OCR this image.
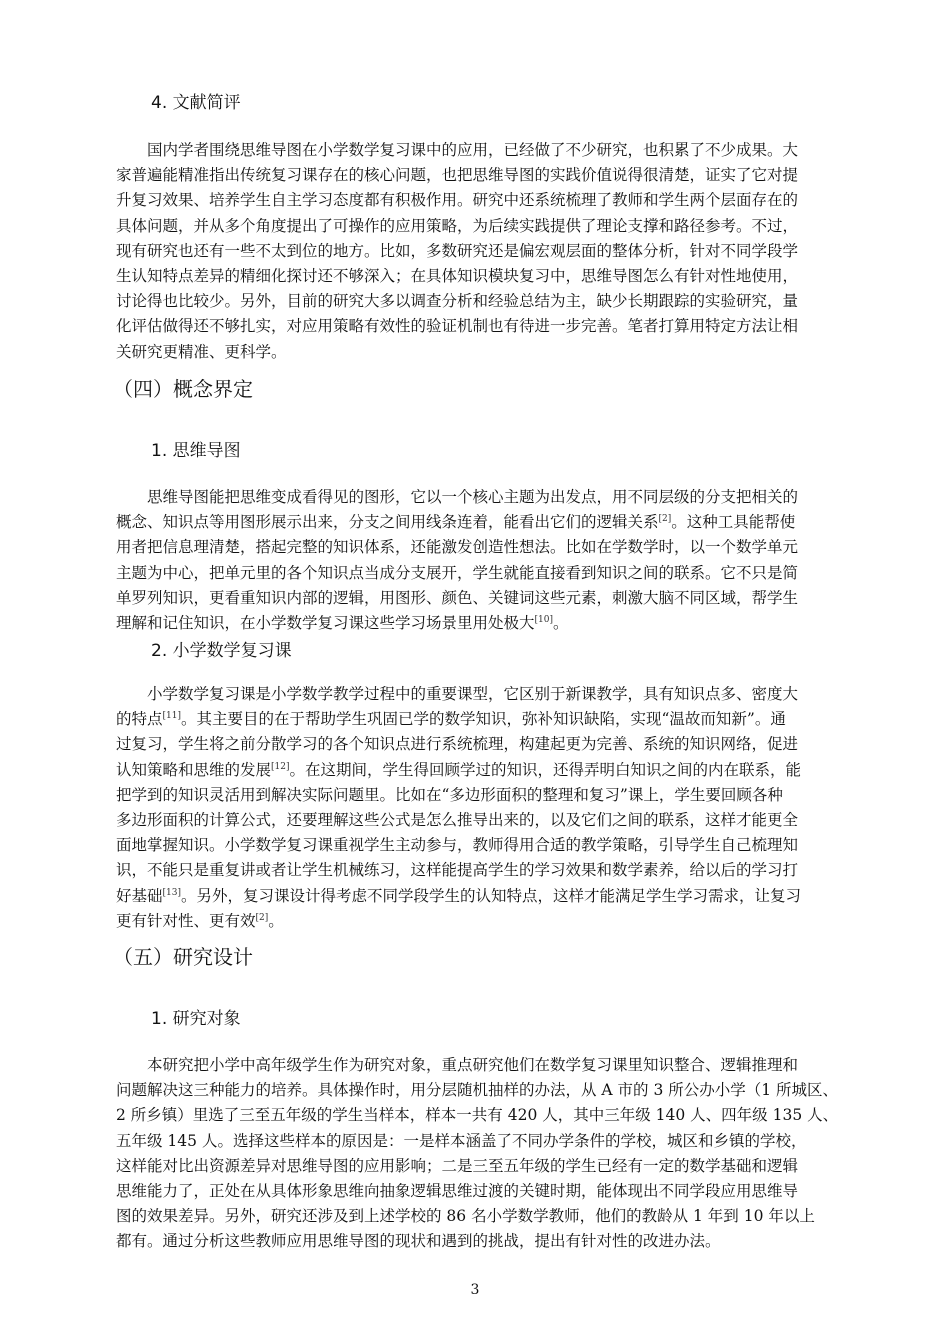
4. 文献简评
国内学者围绕思维导图在小学数学复习课中的应用，已经做了不少研究，也积累了不少成果。大
家普遍能精准指出传统复习课存在的核心问题，也把思维导图的实践价值说得很清楚，证实了它对提
升复习效果、培养学生自主学习态度都有积极作用。研究中还系统梳理了教师和学生两个层面存在的
具体问题，并从多个角度提出了可操作的应用策略，为后续实践提供了理论支撑和路径参考。不过，
现有研究也还有一些不太到位的地方。比如，多数研究还是偏宏观层面的整体分析，针对不同学段学
生认知特点差异的精细化探讨还不够深入；在具体知识模块复习中，思维导图怎么有针对性地使用，
讨论得也比较少。另外，目前的研究大多以调查分析和经验总结为主，缺少长期跟踪的实验研究，量
化评估做得还不够扎实，对应用策略有效性的验证机制也有待进一步完善。笔者打算用特定方法让相
关研究更精准、更科学。
（四）概念界定
1. 思维导图
思维导图能把思维变成看得见的图形，它以一个核心主题为出发点，用不同层级的分支把相关的
概念、知识点等用图形展示出来，分支之间用线条连着，能看出它们的逻辑关系[2]。这种工具能帮使
用者把信息理清楚，搭起完整的知识体系，还能激发创造性想法。比如在学数学时，以一个数学单元
主题为中心，把单元里的各个知识点当成分支展开，学生就能直接看到知识之间的联系。它不只是简
单罗列知识，更看重知识内部的逻辑，用图形、颜色、关键词这些元素，刺激大脑不同区域，帮学生
理解和记住知识，在小学数学复习课这些学习场景里用处极大[10]。
2. 小学数学复习课
小学数学复习课是小学数学教学过程中的重要课型，它区别于新课教学，具有知识点多、密度大
的特点[11]。其主要目的在于帮助学生巩固已学的数学知识，弥补知识缺陷，实现“温故而知新”。通
过复习，学生将之前分散学习的各个知识点进行系统梳理，构建起更为完善、系统的知识网络，促进
认知策略和思维的发展[12]。在这期间，学生得回顾学过的知识，还得弄明白知识之间的内在联系，能
把学到的知识灵活用到解决实际问题里。比如在“多边形面积的整理和复习”课上，学生要回顾各种
多边形面积的计算公式，还要理解这些公式是怎么推导出来的，以及它们之间的联系，这样才能更全
面地掌握知识。小学数学复习课重视学生主动参与，教师得用合适的教学策略，引导学生自己梳理知
识，不能只是重复讲或者让学生机械练习，这样能提高学生的学习效果和数学素养，给以后的学习打
好基础[13]。另外，复习课设计得考虑不同学段学生的认知特点，这样才能满足学生学习需求，让复习
更有针对性、更有效[2]。
（五）研究设计
1. 研究对象
本研究把小学中高年级学生作为研究对象，重点研究他们在数学复习课里知识整合、逻辑推理和
问题解决这三种能力的培养。具体操作时，用分层随机抽样的办法，从 A 市的 3 所公办小学（1 所城区、
2 所乡镇）里选了三至五年级的学生当样本，样本一共有 420 人，其中三年级 140 人、四年级 135 人、
五年级 145 人。选择这些样本的原因是：一是样本涵盖了不同办学条件的学校，城区和乡镇的学校，
这样能对比出资源差异对思维导图的应用影响；二是三至五年级的学生已经有一定的数学基础和逻辑
思维能力了，正处在从具体形象思维向抽象逻辑思维过渡的关键时期，能体现出不同学段应用思维导
图的效果差异。另外，研究还涉及到上述学校的 86 名小学数学教师，他们的教龄从 1 年到 10 年以上
都有。通过分析这些教师应用思维导图的现状和遇到的挑战，提出有针对性的改进办法。
3
